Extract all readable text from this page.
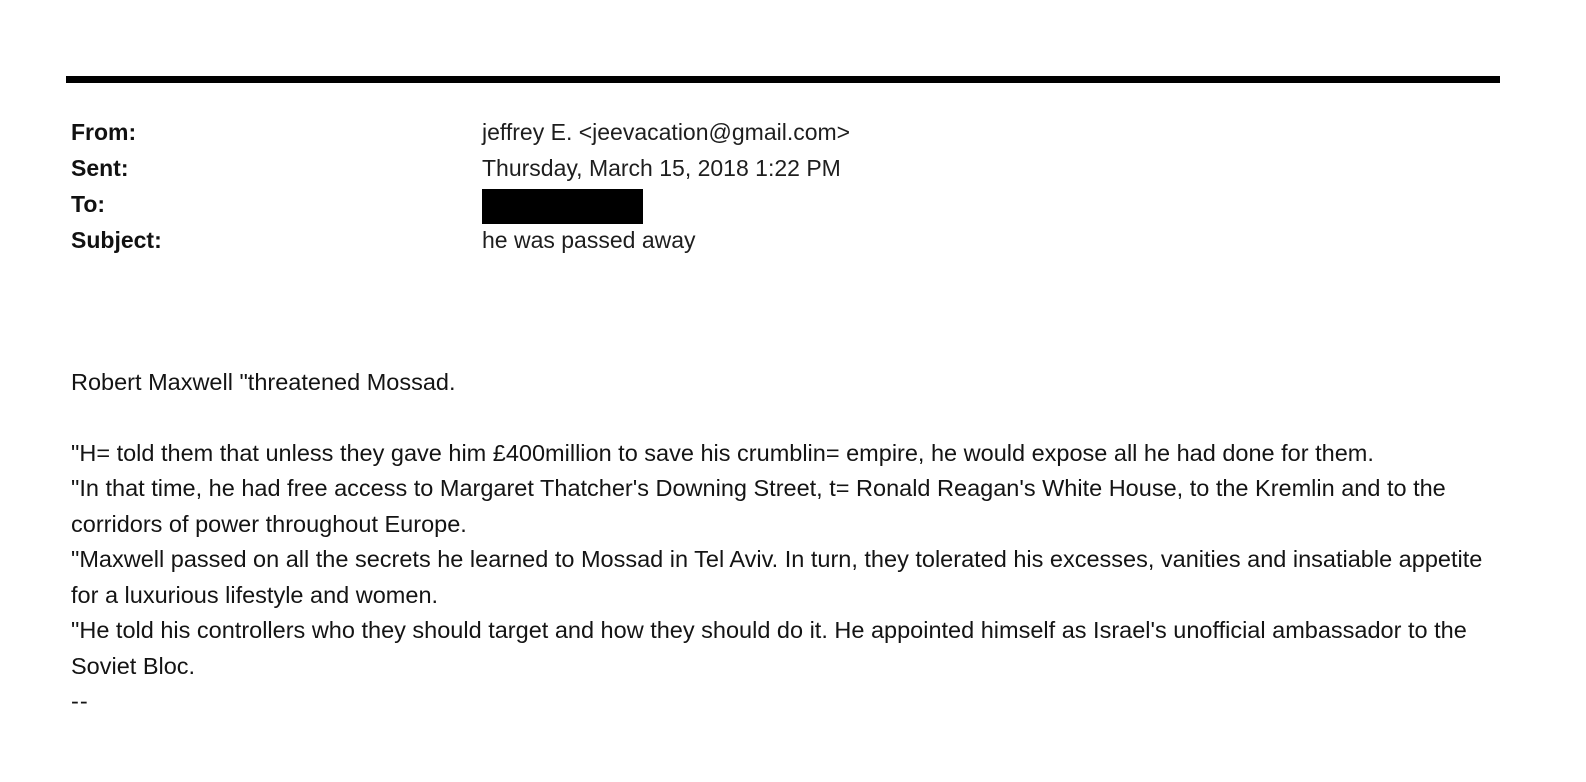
From:	jeffrey E. <jeevacation@gmail.com>
Sent:	Thursday, March 15, 2018 1:22 PM
To:
Subject:	he was passed away

Robert Maxwell "threatened Mossad.

"H= told them that unless they gave him £400million to save his crumblin= empire, he would expose all he had done for them.

"In that time, he had free access to Margaret Thatcher's Downing Street, t= Ronald Reagan's White House, to the Kremlin and to the corridors of power throughout Europe.

"Maxwell passed on all the secrets he learned to Mossad in Tel Aviv. In turn, they tolerated his excesses, vanities and insatiable appetite for a luxurious lifestyle and women.

"He told his controllers who they should target and how they should do it. He appointed himself as Israel's unofficial ambassador to the Soviet Bloc.

--
